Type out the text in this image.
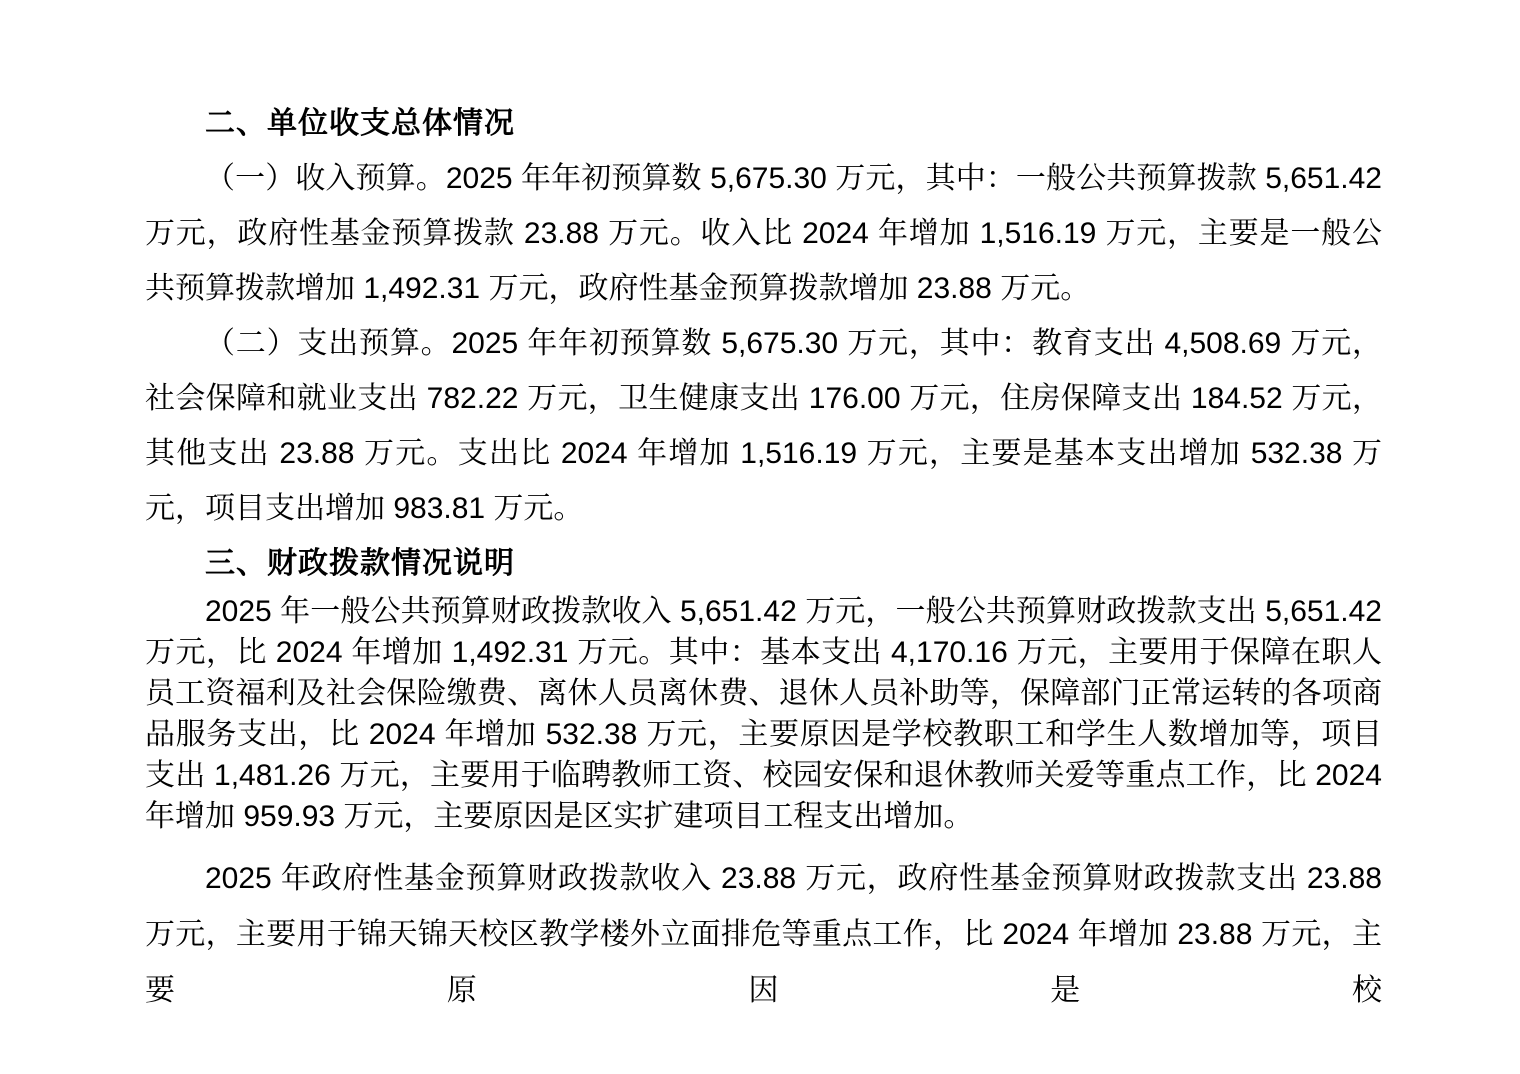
二、单位收支总体情况

（一）收入预算。2025 年年初预算数 5,675.30 万元，其中：一般公共预算拨款 5,651.42 万元，政府性基金预算拨款 23.88 万元。收入比 2024 年增加 1,516.19 万元，主要是一般公共预算拨款增加 1,492.31 万元，政府性基金预算拨款增加 23.88 万元。

（二）支出预算。2025 年年初预算数 5,675.30 万元，其中：教育支出 4,508.69 万元，社会保障和就业支出 782.22 万元，卫生健康支出 176.00 万元，住房保障支出 184.52 万元，其他支出 23.88 万元。支出比 2024 年增加 1,516.19 万元，主要是基本支出增加 532.38 万元，项目支出增加 983.81 万元。

三、财政拨款情况说明

2025 年一般公共预算财政拨款收入 5,651.42 万元，一般公共预算财政拨款支出 5,651.42 万元，比 2024 年增加 1,492.31 万元。其中：基本支出 4,170.16 万元，主要用于保障在职人员工资福利及社会保险缴费、离休人员离休费、退休人员补助等，保障部门正常运转的各项商品服务支出，比 2024 年增加 532.38 万元，主要原因是学校教职工和学生人数增加等，项目支出 1,481.26 万元，主要用于临聘教师工资、校园安保和退休教师关爱等重点工作，比 2024 年增加 959.93 万元，主要原因是区实扩建项目工程支出增加。

2025 年政府性基金预算财政拨款收入 23.88 万元，政府性基金预算财政拨款支出 23.88 万元，主要用于锦天锦天校区教学楼外立面排危等重点工作，比 2024 年增加 23.88 万元，主要原因是校
